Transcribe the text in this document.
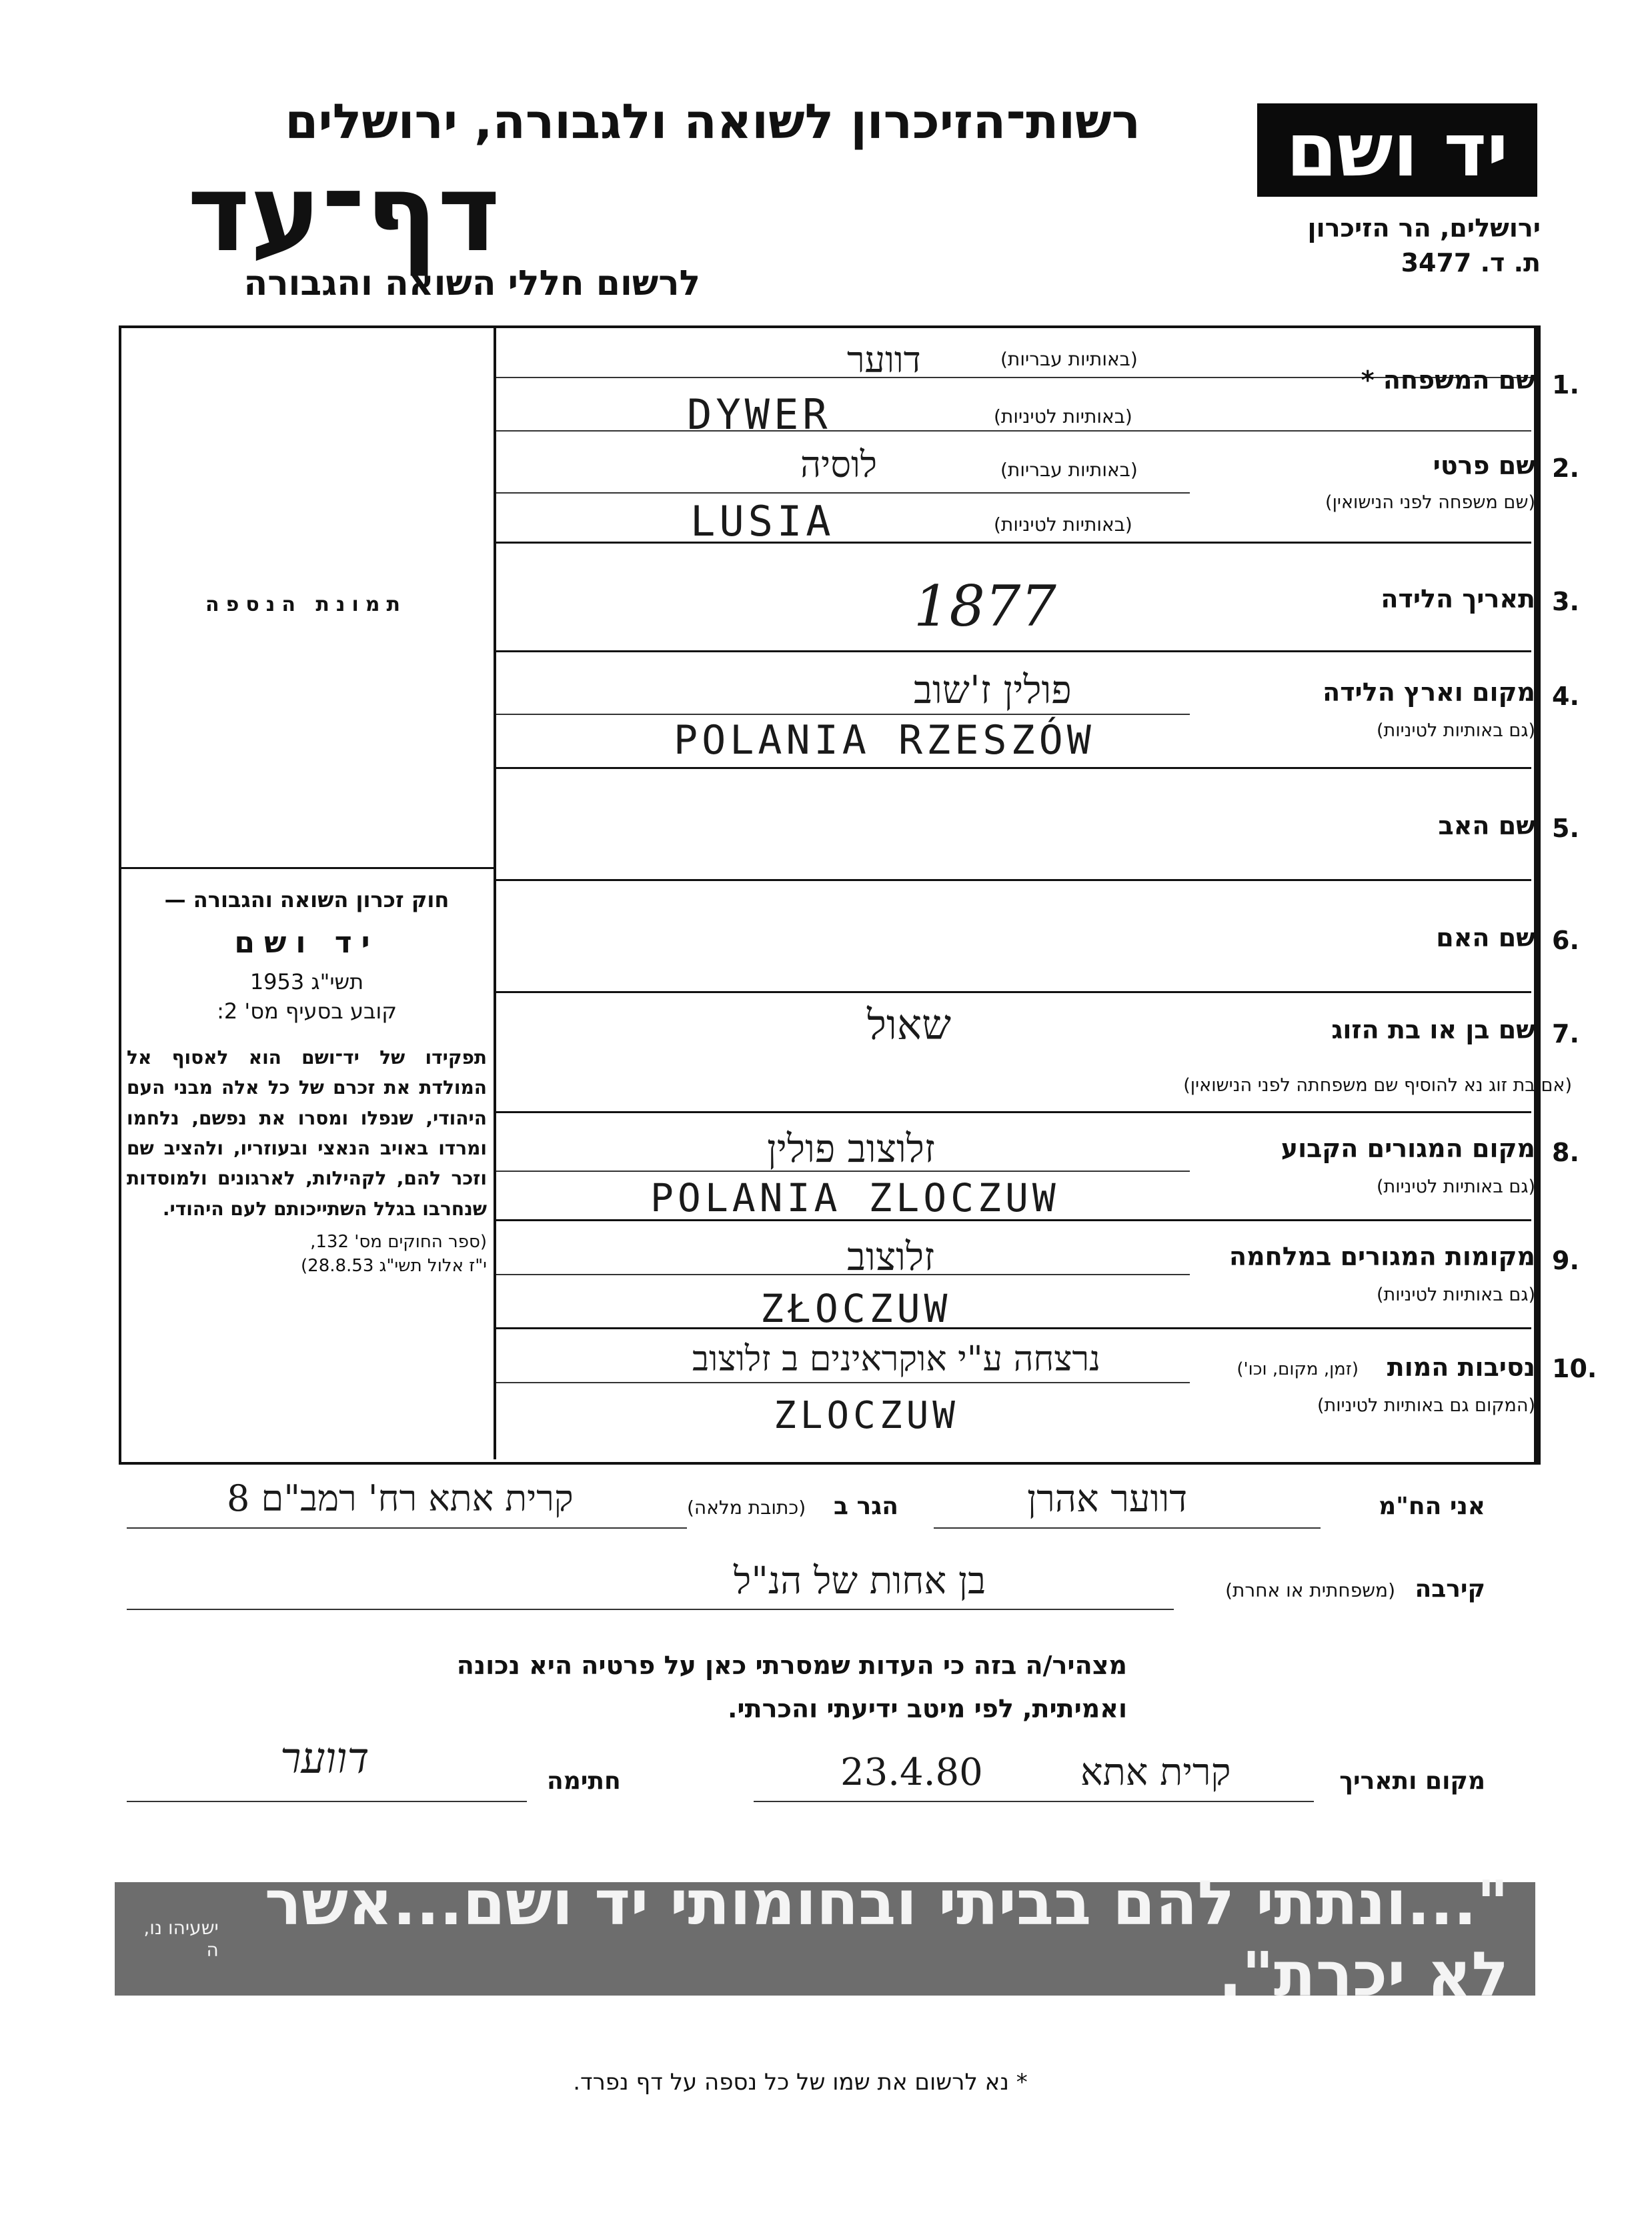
יד ושם
רשות־הזיכרון לשואה ולגבורה, ירושלים
דף־עד
לרשום חללי השואה והגבורה
ירושלים, הר הזיכרון
ת. ד. 3477
תמונת הנספה
חוק זכרון השואה והגבורה —
יד ושם
תשי"ג 1953
קובע בסעיף מס' 2:
תפקידו של יד־ושם הוא לאסוף אל המולדת את זכרם של כל אלה מבני העם היהודי, שנפלו ומסרו את נפשם, נלחמו ומרדו באויב הנאצי ובעוזריו, ולהציב שם וזכר להם, לקהילות, לארגונים ולמוסדות שנחרבו בגלל השתייכותם לעם היהודי.
(ספר החוקים מס' 132,
י"ז אלול תשי"ג 28.8.53)
1.
שם המשפחה *
(באותיות עבריות)
(באותיות לטיניות)
דווער
DYWER
2.
שם פרטי
(שם משפחה לפני הנישואין)
(באותיות עבריות)
(באותיות לטיניות)
לוסיה
LUSIA
3.
תאריך הלידה
1877
4.
מקום וארץ הלידה
(גם באותיות לטיניות)
פולין ז'שוב
POLANIA RZESZÓW
5.
שם האב
6.
שם האם
7.
שם בן או בת הזוג
(אם בת זוג נא להוסיף שם משפחתה לפני הנישואין)
שאול
8.
מקום המגורים הקבוע
(גם באותיות לטיניות)
זלוצוב פולין
POLANIA ZLOCZUW
9.
מקומות המגורים במלחמה
(גם באותיות לטיניות)
זלוצוב
ZŁOCZUW
10.
נסיבות המות
(זמן, מקום, וכו')
(המקום גם באותיות לטיניות)
נרצחה ע"י אוקראינים ב זלוצוב
ZLOCZUW
אני הח"מ
דווער אהרן
הגר ב
(כתובת מלאה)
קרית אתא רח' רמב"ם 8
קירבה
(משפחתית או אחרת)
בן אחות של הנ"ל
מצהיר/ה בזה כי העדות שמסרתי כאן על פרטיה היא נכונה ואמיתית, לפי מיטב ידיעתי והכרתי.
מקום ותאריך
קרית אתא
23.4.80
חתימה
דווער
"...ונתתי להם בביתי ובחומותי יד ושם...אשר לא יכרת".
ישעיהו נו, ה
* נא לרשום את שמו של כל נספה על דף נפרד.
